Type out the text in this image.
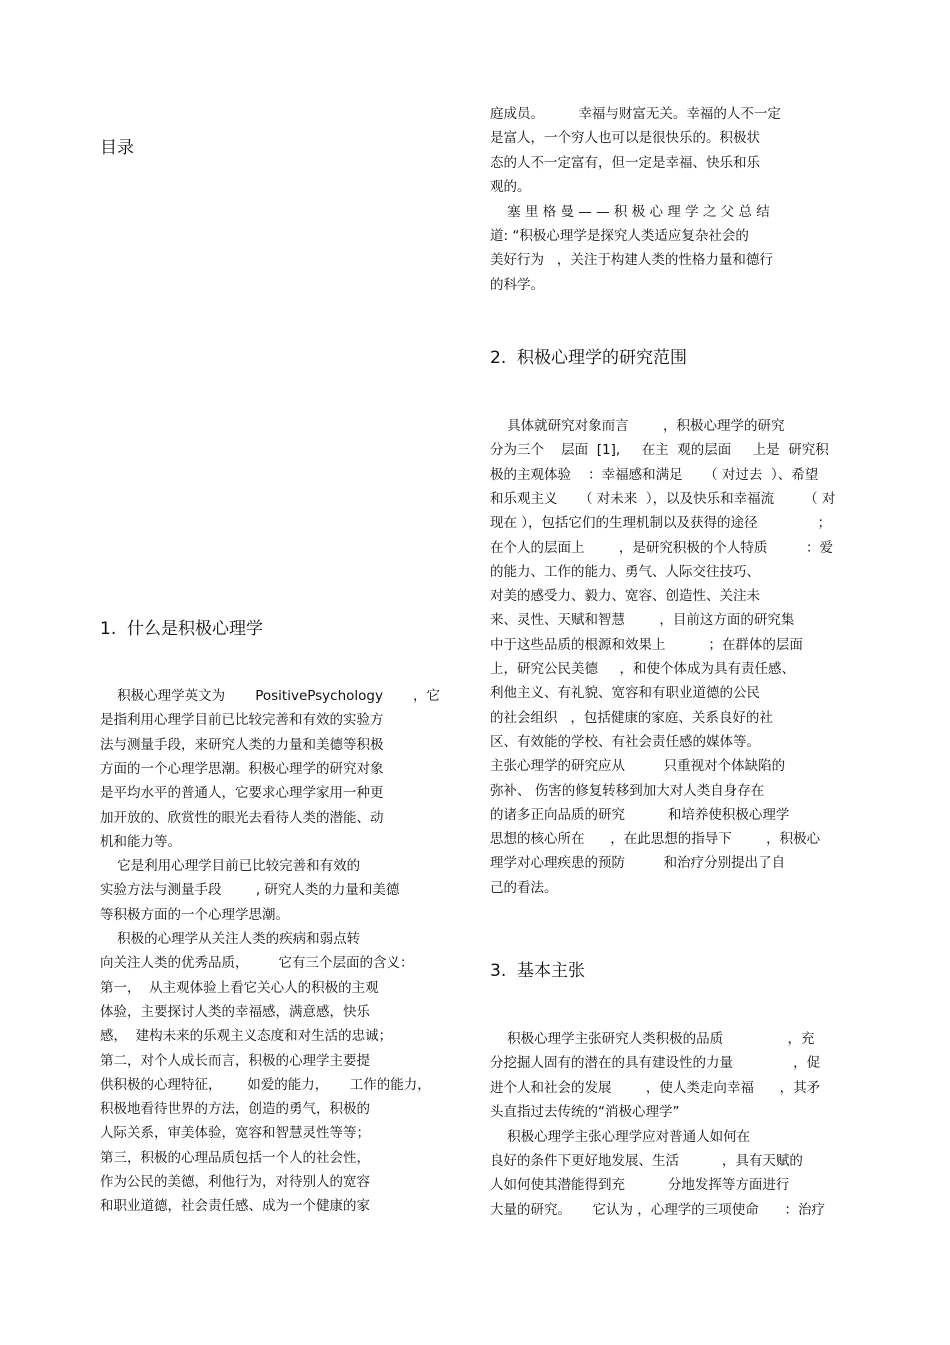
目录
1.  什么是积极心理学
积极心理学英文为       PositivePsychology       ，它
是指利用心理学目前已比较完善和有效的实验方
法与测量手段，来研究人类的力量和美德等积极
方面的一个心理学思潮。积极心理学的研究对象
是平均水平的普通人，它要求心理学家用一种更
加开放的、欣赏性的眼光去看待人类的潜能、动
机和能力等。
它是利用心理学目前已比较完善和有效的
实验方法与测量手段        , 研究人类的力量和美德
等积极方面的一个心理学思潮。
积极的心理学从关注人类的疾病和弱点转
向关注人类的优秀品质，       它有三个层面的含义：
第一，  从主观体验上看它关心人的积极的主观
体验，主要探讨人类的幸福感，满意感，快乐
感，  建构未来的乐观主义态度和对生活的忠诚；
第二，对个人成长而言，积极的心理学主要提
供积极的心理特征，      如爱的能力，     工作的能力，
积极地看待世界的方法，创造的勇气，积极的
人际关系，审美体验，宽容和智慧灵性等等；
第三，积极的心理品质包括一个人的社会性，
作为公民的美德，利他行为，对待别人的宽容
和职业道德，社会责任感、成为一个健康的家
庭成员。        幸福与财富无关。幸福的人不一定
是富人，一个穷人也可以是很快乐的。积极状
态的人不一定富有，但一定是幸福、快乐和乐
观的。
塞 里 格 曼 — — 积 极 心 理 学 之 父 总 结
道: “积极心理学是探究人类适应复杂社会的
美好行为   ，关注于构建人类的性格力量和德行
的科学。
2.  积极心理学的研究范围
具体就研究对象而言        ，积极心理学的研究
分为三个    层面  [1],     在主  观的层面     上是  研究积
极的主观体验    ：幸福感和满足     （ 对过去  ）、希望
和乐观主义     （ 对未来  ），以及快乐和幸福流       （ 对
现在 ），包括它们的生理机制以及获得的途径              ；
在个人的层面上        ，是研究积极的个人特质         ：爱
的能力、工作的能力、勇气、人际交往技巧、
对美的感受力、毅力、宽容、创造性、关注未
来、灵性、天赋和智慧        ，目前这方面的研究集
中于这些品质的根源和效果上          ；在群体的层面
上，研究公民美德     ，和使个体成为具有责任感、
利他主义、有礼貌、宽容和有职业道德的公民
的社会组织   ，包括健康的家庭、关系良好的社
区、有效能的学校、有社会责任感的媒体等。
主张心理学的研究应从         只重视对个体缺陷的
弥补、 伤害的修复转移到加大对人类自身存在
的诸多正向品质的研究          和培养使积极心理学
思想的核心所在      ，在此思想的指导下        ，积极心
理学对心理疾患的预防         和治疗分别提出了自
己的看法。
3.  基本主张
积极心理学主张研究人类积极的品质               ，充
分挖掘人固有的潜在的具有建设性的力量              ，促
进个人和社会的发展        ，使人类走向幸福      ，其矛
头直指过去传统的“消极心理学”
积极心理学主张心理学应对普通人如何在
良好的条件下更好地发展、生活          ，具有天赋的
人如何使其潜能得到充          分地发挥等方面进行
大量的研究。     它认为 ，心理学的三项使命      ：治疗
